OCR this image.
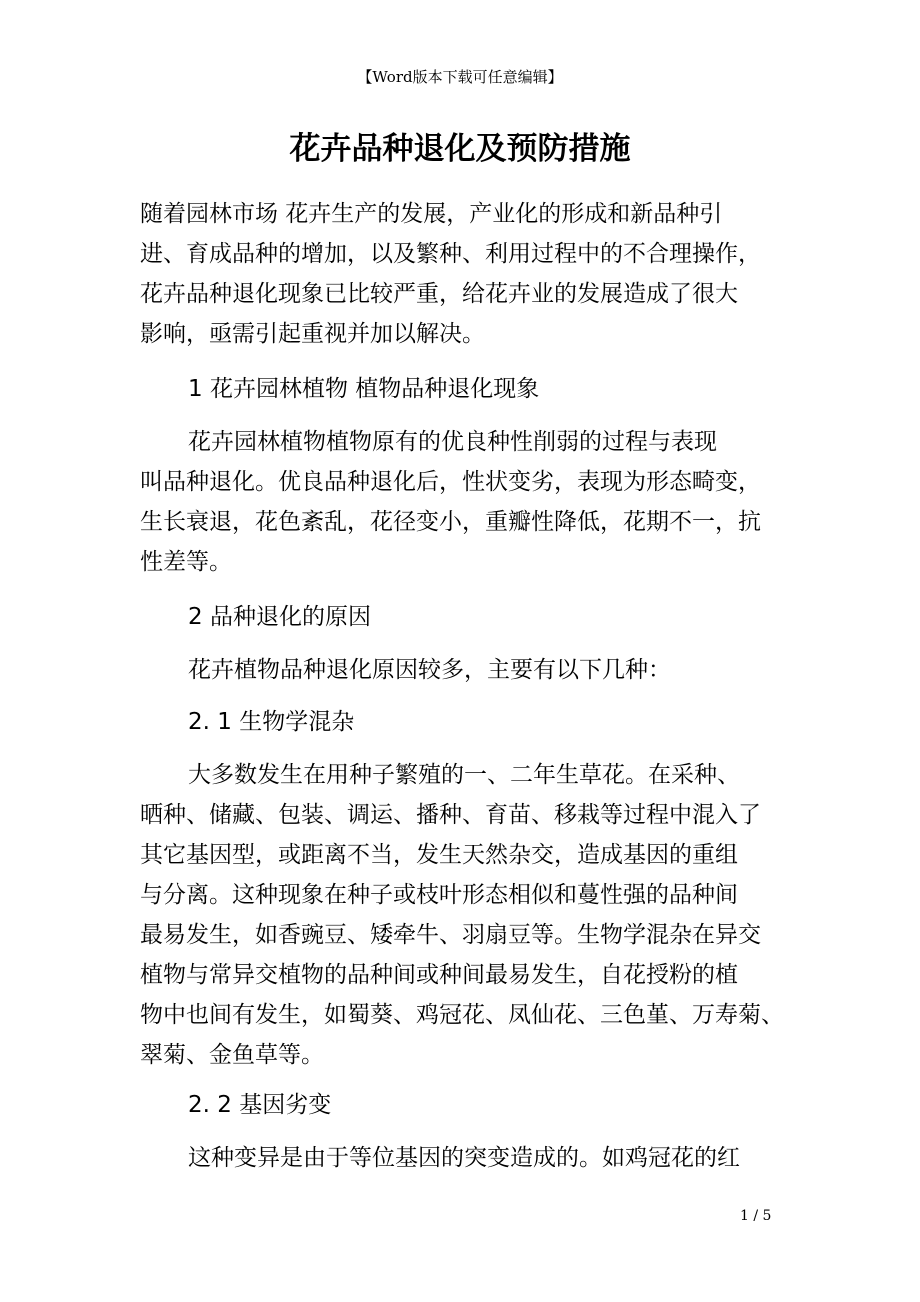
【Word版本下载可任意编辑】
花卉品种退化及预防措施
随着园林市场 花卉生产的发展，产业化的形成和新品种引
进、育成品种的增加，以及繁种、利用过程中的不合理操作，
花卉品种退化现象已比较严重，给花卉业的发展造成了很大
影响，亟需引起重视并加以解决。
1 花卉园林植物 植物品种退化现象
花卉园林植物植物原有的优良种性削弱的过程与表现
叫品种退化。优良品种退化后，性状变劣，表现为形态畸变，
生长衰退，花色紊乱，花径变小，重瓣性降低，花期不一，抗
性差等。
2 品种退化的原因
花卉植物品种退化原因较多，主要有以下几种：
2. 1 生物学混杂
大多数发生在用种子繁殖的一、二年生草花。在采种、
晒种、储藏、包装、调运、播种、育苗、移栽等过程中混入了
其它基因型，或距离不当，发生天然杂交，造成基因的重组
与分离。这种现象在种子或枝叶形态相似和蔓性强的品种间
最易发生，如香豌豆、矮牵牛、羽扇豆等。生物学混杂在异交
植物与常异交植物的品种间或种间最易发生，自花授粉的植
物中也间有发生，如蜀葵、鸡冠花、凤仙花、三色堇、万寿菊、
翠菊、金鱼草等。
2. 2 基因劣变
这种变异是由于等位基因的突变造成的。如鸡冠花的红
1 / 5
